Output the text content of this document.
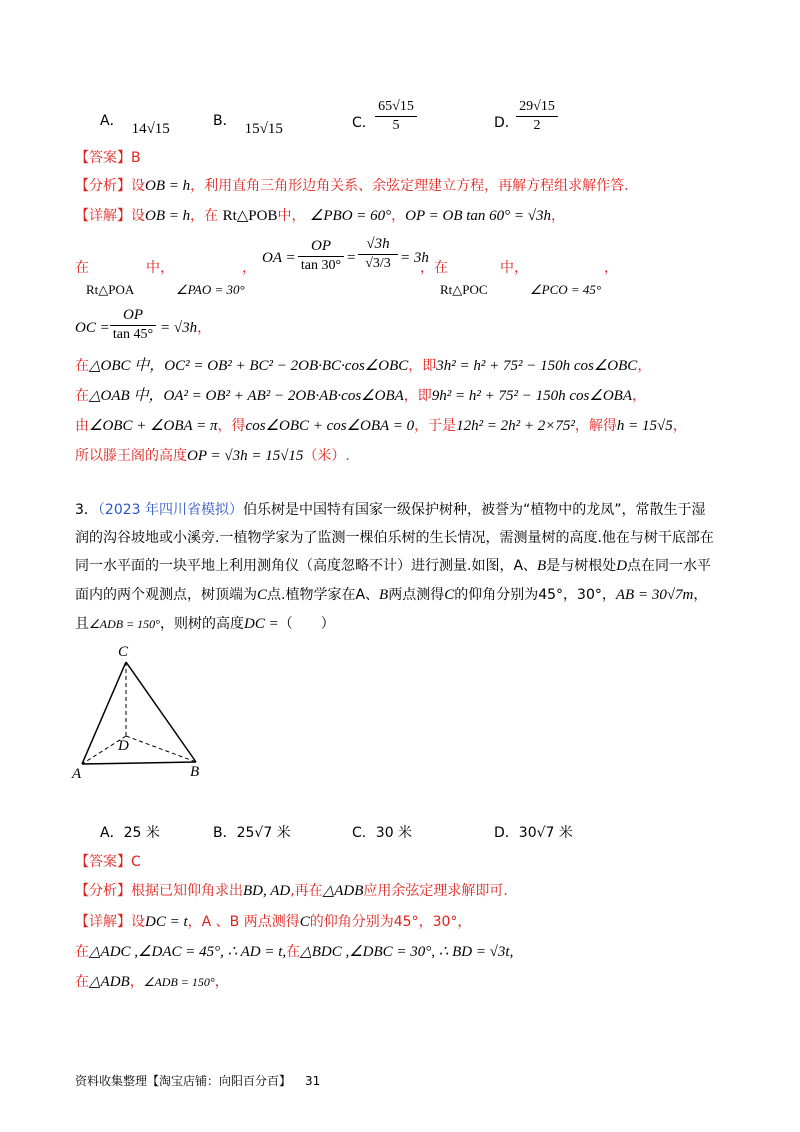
A． 14√15	B． 15√15	C．
65√15
5	D．
29√15
2
【答案】B
【分析】设OB = h，利用直角三角形边角关系、余弦定理建立方程，再解方程组求解作答.
【详解】设OB = h，在 Rt△POB中， ∠PBO = 60°，OP = OB tan 60° = √3h，
在
Rt△POA
中，
∠PAO = 30°
，
OA =
OP
tan 30° =
√3h
√3/3 = 3h
，在
Rt△POC
中，
∠PCO = 45°
，
OC =
OP
tan 45° = √3h，
在△OBC 中，OC² = OB² + BC² − 2OB·BC·cos∠OBC，即3h² = h² + 75² − 150h cos∠OBC，
在△OAB 中，OA² = OB² + AB² − 2OB·AB·cos∠OBA，即9h² = h² + 75² − 150h cos∠OBA，
由∠OBC + ∠OBA = π，得cos∠OBC + cos∠OBA = 0，于是12h² = 2h² + 2×75²，解得h = 15√5，
所以滕王阁的高度OP = √3h = 15√15（米）.
3．（2023 年四川省模拟）伯乐树是中国特有国家一级保护树种，被誉为“植物中的龙凤”，常散生于湿
润的沟谷坡地或小溪旁.一植物学家为了监测一棵伯乐树的生长情况，需测量树的高度.他在与树干底部在
同一水平面的一块平地上利用测角仪（高度忽略不计）进行测量.如图，A、B是与树根处D点在同一水平
面内的两个观测点，树顶端为C点.植物学家在A、B两点测得C的仰角分别为45°，30°，AB = 30√7m，
且∠ADB = 150°，则树的高度DC =（　　）
C
D
A	B
A．25 米	B．25√7 米	C．30 米	D．30√7 米
【答案】C
【分析】根据已知仰角求出BD, AD,再在△ADB应用余弦定理求解即可.
【详解】设DC = t，A 、B 两点测得C的仰角分别为45°，30°，
在△ADC ,∠DAC = 45°, ∴ AD = t,在△BDC ,∠DBC = 30°, ∴ BD = √3t,
在△ADB，∠ADB = 150°，
资料收集整理【淘宝店铺：向阳百分百】 31
